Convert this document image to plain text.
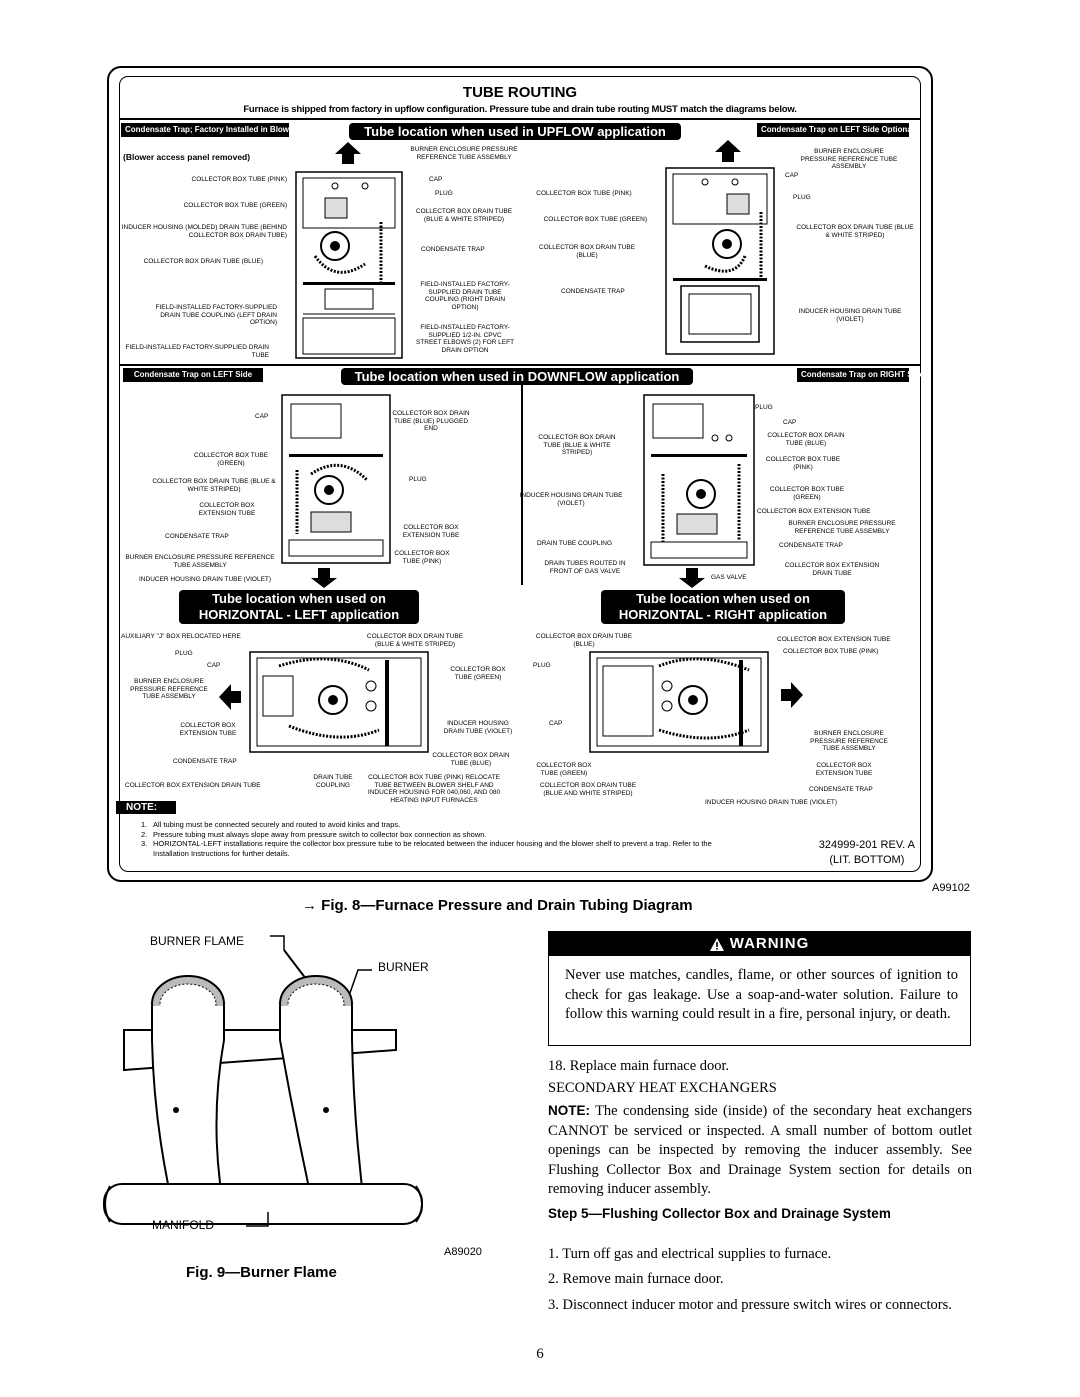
TUBE ROUTING
Furnace is shipped from factory in upflow configuration. Pressure tube and drain tube routing MUST match the diagrams below.
Condensate Trap; Factory Installed in Blower Shelf	Tube location when used in UPFLOW application	Condensate Trap on LEFT Side Optional
(Blower access panel removed)
COLLECTOR BOX TUBE (PINK)
COLLECTOR BOX TUBE (GREEN)
INDUCER HOUSING (MOLDED) DRAIN TUBE (BEHIND COLLECTOR BOX DRAIN TUBE)
COLLECTOR BOX DRAIN TUBE (BLUE)
FIELD-INSTALLED FACTORY-SUPPLIED DRAIN TUBE COUPLING (LEFT DRAIN OPTION)
FIELD-INSTALLED FACTORY-SUPPLIED DRAIN TUBE
BURNER ENCLOSURE PRESSURE REFERENCE TUBE ASSEMBLY
CAP
PLUG
COLLECTOR BOX DRAIN TUBE (BLUE & WHITE STRIPED)
CONDENSATE TRAP
FIELD-INSTALLED FACTORY-SUPPLIED DRAIN TUBE COUPLING (RIGHT DRAIN OPTION)
FIELD-INSTALLED FACTORY-SUPPLIED 1/2-IN. CPVC STREET ELBOWS (2) FOR LEFT DRAIN OPTION
COLLECTOR BOX TUBE (PINK)
COLLECTOR BOX TUBE (GREEN)
COLLECTOR BOX DRAIN TUBE (BLUE)
CONDENSATE TRAP
BURNER ENCLOSURE PRESSURE REFERENCE TUBE ASSEMBLY
CAP
PLUG
COLLECTOR BOX DRAIN TUBE (BLUE & WHITE STRIPED)
INDUCER HOUSING DRAIN TUBE (VIOLET)
Condensate Trap on LEFT Side	Tube location when used in DOWNFLOW application	Condensate Trap on RIGHT Side
CAP
COLLECTOR BOX TUBE (GREEN)
COLLECTOR BOX DRAIN TUBE (BLUE & WHITE STRIPED)
COLLECTOR BOX EXTENSION TUBE
CONDENSATE TRAP
BURNER ENCLOSURE PRESSURE REFERENCE TUBE ASSEMBLY
INDUCER HOUSING DRAIN TUBE (VIOLET)
COLLECTOR BOX DRAIN TUBE (BLUE) PLUGGED END
PLUG
COLLECTOR BOX EXTENSION TUBE
COLLECTOR BOX TUBE (PINK)
COLLECTOR BOX DRAIN TUBE (BLUE & WHITE STRIPED)
INDUCER HOUSING DRAIN TUBE (VIOLET)
DRAIN TUBE COUPLING
DRAIN TUBES ROUTED IN FRONT OF GAS VALVE
GAS VALVE
PLUG
CAP
COLLECTOR BOX DRAIN TUBE (BLUE)
COLLECTOR BOX TUBE (PINK)
COLLECTOR BOX TUBE (GREEN)
COLLECTOR BOX EXTENSION TUBE
BURNER ENCLOSURE PRESSURE REFERENCE TUBE ASSEMBLY
CONDENSATE TRAP
COLLECTOR BOX EXTENSION DRAIN TUBE
Tube location when used on
HORIZONTAL - LEFT application
Tube location when used on
HORIZONTAL - RIGHT application
AUXILIARY "J" BOX RELOCATED HERE
PLUG
CAP
BURNER ENCLOSURE PRESSURE REFERENCE TUBE ASSEMBLY
COLLECTOR BOX EXTENSION TUBE
CONDENSATE TRAP
COLLECTOR BOX EXTENSION DRAIN TUBE
COLLECTOR BOX DRAIN TUBE (BLUE & WHITE STRIPED)
COLLECTOR BOX TUBE (GREEN)
INDUCER HOUSING DRAIN TUBE (VIOLET)
COLLECTOR BOX DRAIN TUBE (BLUE)
DRAIN TUBE COUPLING
COLLECTOR BOX TUBE (PINK) RELOCATE TUBE BETWEEN BLOWER SHELF AND INDUCER HOUSING FOR 040,060, AND 080 HEATING INPUT FURNACES
COLLECTOR BOX DRAIN TUBE (BLUE)
PLUG
CAP
COLLECTOR BOX TUBE (GREEN)
COLLECTOR BOX DRAIN TUBE (BLUE AND WHITE STRIPED)
COLLECTOR BOX EXTENSION TUBE
COLLECTOR BOX TUBE (PINK)
BURNER ENCLOSURE PRESSURE REFERENCE TUBE ASSEMBLY
COLLECTOR BOX EXTENSION TUBE
CONDENSATE TRAP
INDUCER HOUSING DRAIN TUBE (VIOLET)
NOTE:
1. All tubing must be connected securely and routed to avoid kinks and traps.
2. Pressure tubing must always slope away from pressure switch to collector box connection as shown.
3. HORIZONTAL-LEFT installations require the collector box pressure tube to be relocated between the inducer housing and the blower shelf to prevent a trap. Refer to the Installation Instructions for further details.
324999-201 REV. A
(LIT. BOTTOM)
A99102
→ Fig. 8—Furnace Pressure and Drain Tubing Diagram
BURNER FLAME
BURNER
MANIFOLD
A89020
Fig. 9—Burner Flame
WARNING
Never use matches, candles, flame, or other sources of ignition to check for gas leakage. Use a soap-and-water solution. Failure to follow this warning could result in a fire, personal injury, or death.
18. Replace main furnace door.
SECONDARY HEAT EXCHANGERS
NOTE: The condensing side (inside) of the secondary heat exchangers CANNOT be serviced or inspected. A small number of bottom outlet openings can be inspected by removing the inducer assembly. See Flushing Collector Box and Drainage System section for details on removing inducer assembly.
Step 5—Flushing Collector Box and Drainage System
1. Turn off gas and electrical supplies to furnace.
2. Remove main furnace door.
3. Disconnect inducer motor and pressure switch wires or connectors.
6
